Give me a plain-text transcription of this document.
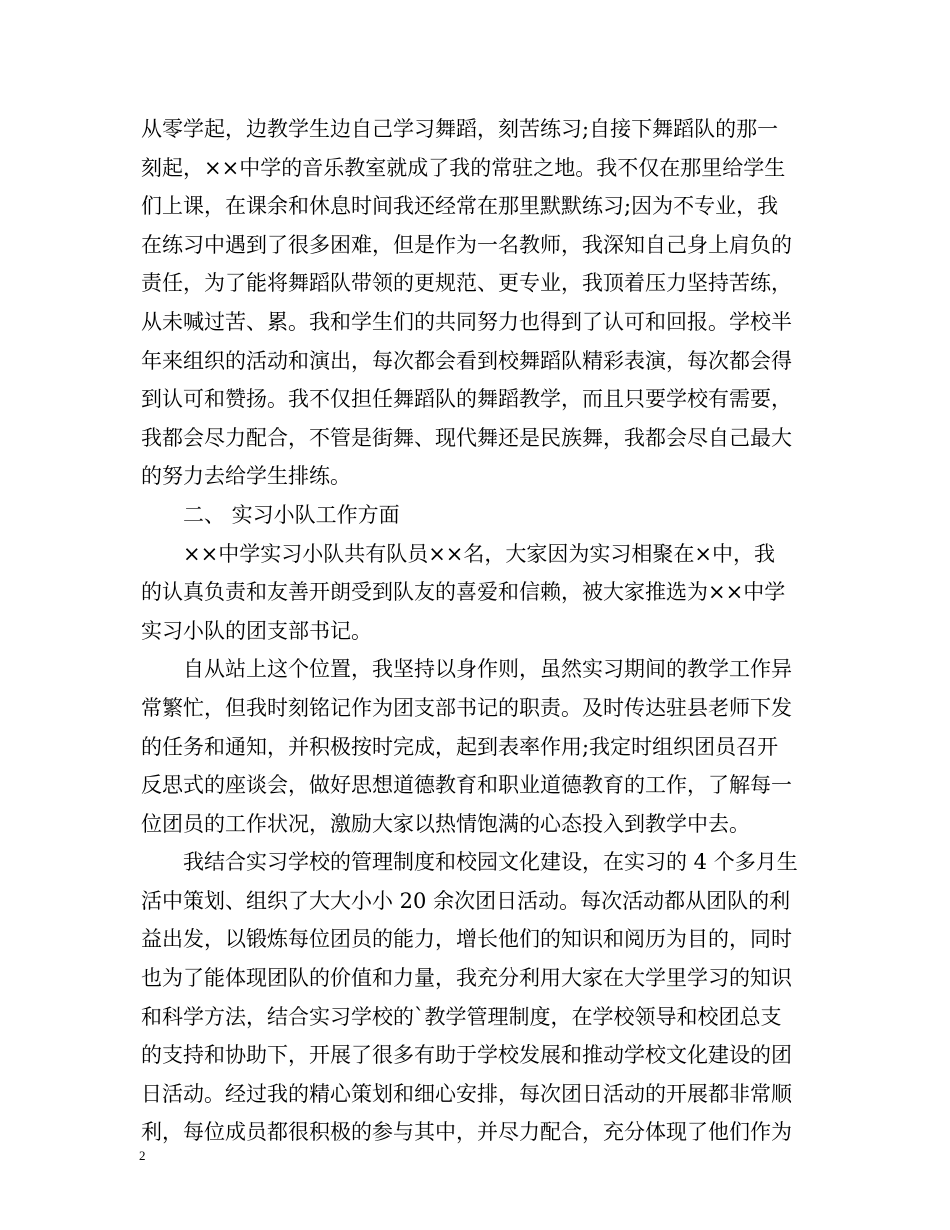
从零学起，边教学生边自己学习舞蹈，刻苦练习;自接下舞蹈队的那一
刻起，××中学的音乐教室就成了我的常驻之地。我不仅在那里给学生
们上课，在课余和休息时间我还经常在那里默默练习;因为不专业，我
在练习中遇到了很多困难，但是作为一名教师，我深知自己身上肩负的
责任，为了能将舞蹈队带领的更规范、更专业，我顶着压力坚持苦练，
从未喊过苦、累。我和学生们的共同努力也得到了认可和回报。学校半
年来组织的活动和演出，每次都会看到校舞蹈队精彩表演，每次都会得
到认可和赞扬。我不仅担任舞蹈队的舞蹈教学，而且只要学校有需要，
我都会尽力配合，不管是街舞、现代舞还是民族舞，我都会尽自己最大
的努力去给学生排练。
二、 实习小队工作方面
××中学实习小队共有队员××名，大家因为实习相聚在×中，我
的认真负责和友善开朗受到队友的喜爱和信赖，被大家推选为××中学
实习小队的团支部书记。
自从站上这个位置，我坚持以身作则，虽然实习期间的教学工作异
常繁忙，但我时刻铭记作为团支部书记的职责。及时传达驻县老师下发
的任务和通知，并积极按时完成，起到表率作用;我定时组织团员召开
反思式的座谈会，做好思想道德教育和职业道德教育的工作，了解每一
位团员的工作状况，激励大家以热情饱满的心态投入到教学中去。
我结合实习学校的管理制度和校园文化建设，在实习的 4 个多月生
活中策划、组织了大大小小 20 余次团日活动。每次活动都从团队的利
益出发，以锻炼每位团员的能力，增长他们的知识和阅历为目的，同时
也为了能体现团队的价值和力量，我充分利用大家在大学里学习的知识
和科学方法，结合实习学校的`教学管理制度，在学校领导和校团总支
的支持和协助下，开展了很多有助于学校发展和推动学校文化建设的团
日活动。经过我的精心策划和细心安排，每次团日活动的开展都非常顺
利，每位成员都很积极的参与其中，并尽力配合，充分体现了他们作为
2
